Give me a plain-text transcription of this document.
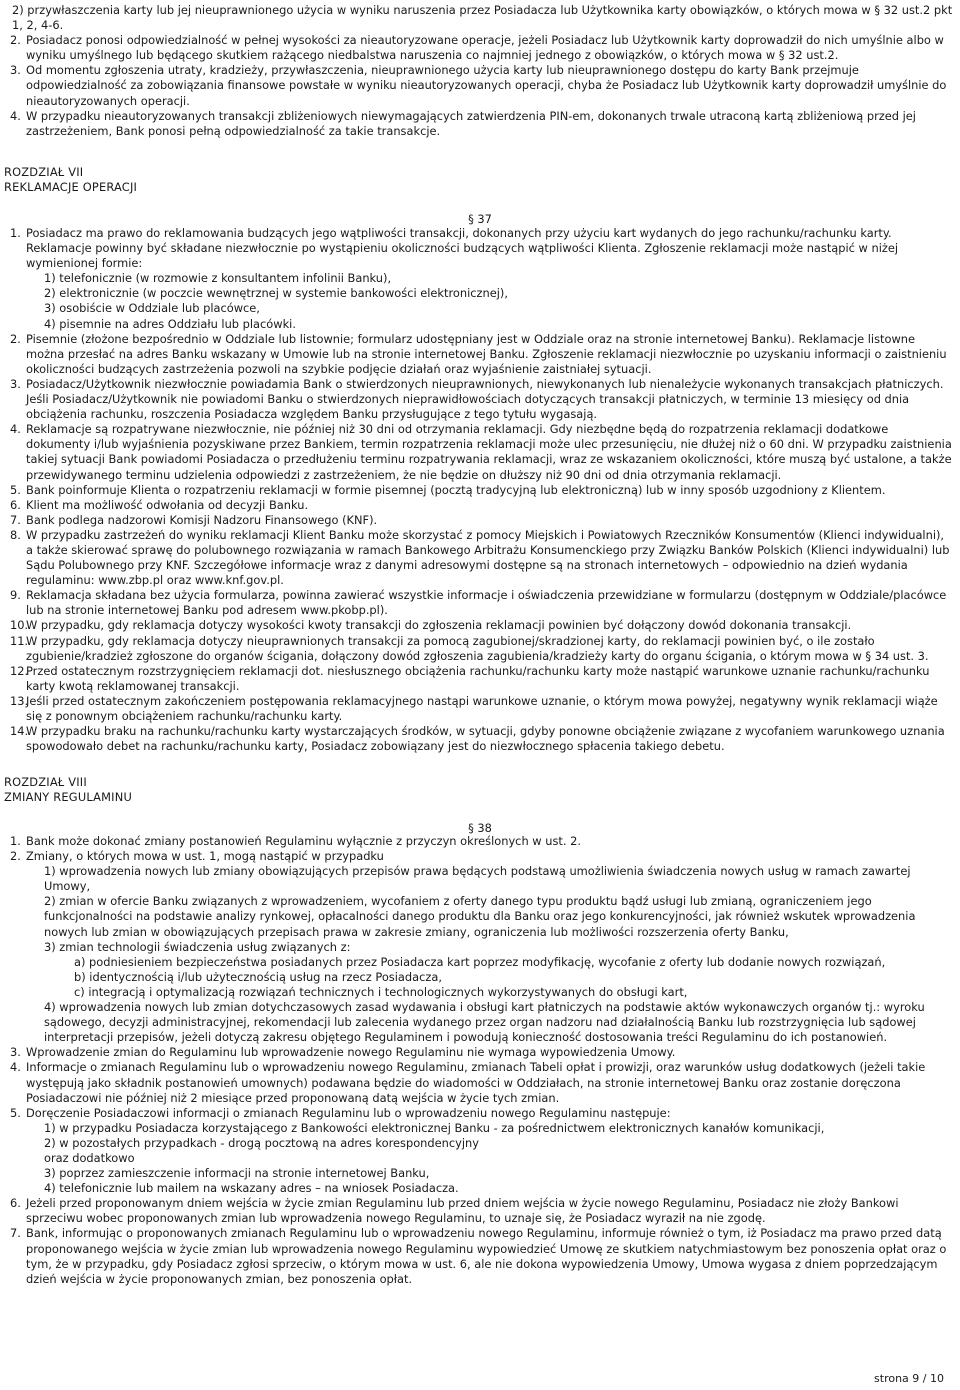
2) przywłaszczenia karty lub jej nieuprawnionego użycia w wyniku naruszenia przez Posiadacza lub Użytkownika karty obowiązków, o których mowa w § 32 ust.2 pkt 1, 2, 4-6.

2. Posiadacz ponosi odpowiedzialność w pełnej wysokości za nieautoryzowane operacje, jeżeli Posiadacz lub Użytkownik karty doprowadził do nich umyślnie albo w wyniku umyślnego lub będącego skutkiem rażącego niedbalstwa naruszenia co najmniej jednego z obowiązków, o których mowa w § 32 ust.2.
3. Od momentu zgłoszenia utraty, kradzieży, przywłaszczenia, nieuprawnionego użycia karty lub nieuprawnionego dostępu do karty Bank przejmuje odpowiedzialność za zobowiązania finansowe powstałe w wyniku nieautoryzowanych operacji, chyba że Posiadacz lub Użytkownik karty doprowadził umyślnie do nieautoryzowanych operacji.
4. W przypadku nieautoryzowanych transakcji zbliżeniowych niewymagających zatwierdzenia PIN-em, dokonanych trwale utraconą kartą zbliżeniową przed jej zastrzeżeniem, Bank ponosi pełną odpowiedzialność za takie transakcje.
ROZDZIAŁ VII
REKLAMACJE OPERACJI
§ 37
1. Posiadacz ma prawo do reklamowania budzących jego wątpliwości transakcji, dokonanych przy użyciu kart wydanych do jego rachunku/rachunku karty. Reklamacje powinny być składane niezwłocznie po wystąpieniu okoliczności budzących wątpliwości Klienta. Zgłoszenie reklamacji może nastąpić w niżej wymienionej formie:
1) telefonicznie (w rozmowie z konsultantem infolinii Banku),
2) elektronicznie (w poczcie wewnętrznej w systemie bankowości elektronicznej),
3) osobiście w Oddziale lub placówce,
4) pisemnie na adres Oddziału lub placówki.
2. Pisemnie (złożone bezpośrednio w Oddziale lub listownie; formularz udostępniany jest w Oddziale oraz na stronie internetowej Banku). Reklamacje listowne można przesłać na adres Banku wskazany w Umowie lub na stronie internetowej Banku. Zgłoszenie reklamacji niezwłocznie po uzyskaniu informacji o zaistnieniu okoliczności budzących zastrzeżenia pozwoli na szybkie podjęcie działań oraz wyjaśnienie zaistniałej sytuacji.
3. Posiadacz/Użytkownik niezwłocznie powiadamia Bank o stwierdzonych nieuprawnionych, niewykonanych lub nienależycie wykonanych transakcjach płatniczych. Jeśli Posiadacz/Użytkownik nie powiadomi Banku o stwierdzonych nieprawidłowościach dotyczących transakcji płatniczych, w terminie 13 miesięcy od dnia obciążenia rachunku, roszczenia Posiadacza względem Banku przysługujące z tego tytułu wygasają.
4. Reklamacje są rozpatrywane niezwłocznie, nie później niż 30 dni od otrzymania reklamacji. Gdy niezbędne będą do rozpatrzenia reklamacji dodatkowe dokumenty i/lub wyjaśnienia pozyskiwane przez Bankiem, termin rozpatrzenia reklamacji może ulec przesunięciu, nie dłużej niż o 60 dni. W przypadku zaistnienia takiej sytuacji Bank powiadomi Posiadacza o przedłużeniu terminu rozpatrywania reklamacji, wraz ze wskazaniem okoliczności, które muszą być ustalone, a także przewidywanego terminu udzielenia odpowiedzi z zastrzeżeniem, że nie będzie on dłuższy niż 90 dni od dnia otrzymania reklamacji.
5. Bank poinformuje Klienta o rozpatrzeniu reklamacji w formie pisemnej (pocztą tradycyjną lub elektroniczną) lub w inny sposób uzgodniony z Klientem.
6. Klient ma możliwość odwołania od decyzji Banku.
7. Bank podlega nadzorowi Komisji Nadzoru Finansowego (KNF).
8. W przypadku zastrzeżeń do wyniku reklamacji Klient Banku może skorzystać z pomocy Miejskich i Powiatowych Rzeczników Konsumentów (Klienci indywidualni), a także skierować sprawę do polubownego rozwiązania w ramach Bankowego Arbitrażu Konsumenckiego przy Związku Banków Polskich (Klienci indywidualni) lub Sądu Polubownego przy KNF. Szczegółowe informacje wraz z danymi adresowymi dostępne są na stronach internetowych – odpowiednio na dzień wydania regulaminu: www.zbp.pl oraz www.knf.gov.pl.
9. Reklamacja składana bez użycia formularza, powinna zawierać wszystkie informacje i oświadczenia przewidziane w formularzu (dostępnym w Oddziale/placówce lub na stronie internetowej Banku pod adresem www.pkobp.pl).
10.
W przypadku, gdy reklamacja dotyczy wysokości kwoty transakcji do zgłoszenia reklamacji powinien być dołączony dowód dokonania transakcji.
11.
W przypadku, gdy reklamacja dotyczy nieuprawnionych transakcji za pomocą zagubionej/skradzionej karty, do reklamacji powinien być, o ile zostało zgubienie/kradzież zgłoszone do organów ścigania, dołączony dowód zgłoszenia zagubienia/kradzieży karty do organu ścigania, o którym mowa w § 34 ust. 3.
12.
Przed ostatecznym rozstrzygnięciem reklamacji dot. niesłusznego obciążenia rachunku/rachunku karty może nastąpić warunkowe uznanie rachunku/rachunku karty kwotą reklamowanej transakcji.
13.
Jeśli przed ostatecznym zakończeniem postępowania reklamacyjnego nastąpi warunkowe uznanie, o którym mowa powyżej, negatywny wynik reklamacji wiąże się z ponownym obciążeniem rachunku/rachunku karty.
14.
W przypadku braku na rachunku/rachunku karty wystarczających środków, w sytuacji, gdyby ponowne obciążenie związane z wycofaniem warunkowego uznania spowodowało debet na rachunku/rachunku karty, Posiadacz zobowiązany jest do niezwłocznego spłacenia takiego debetu.
ROZDZIAŁ VIII
ZMIANY REGULAMINU
§ 38
1. Bank może dokonać zmiany postanowień Regulaminu wyłącznie z przyczyn określonych w ust. 2.
2. Zmiany, o których mowa w ust. 1, mogą nastąpić w przypadku
1) wprowadzenia nowych lub zmiany obowiązujących przepisów prawa będących podstawą umożliwienia świadczenia nowych usług w ramach zawartej Umowy,
2) zmian w ofercie Banku związanych z wprowadzeniem, wycofaniem z oferty danego typu produktu bądź usługi lub zmianą, ograniczeniem jego funkcjonalności na podstawie analizy rynkowej, opłacalności danego produktu dla Banku oraz jego konkurencyjności, jak również wskutek wprowadzenia nowych lub zmian w obowiązujących przepisach prawa w zakresie zmiany, ograniczenia lub możliwości rozszerzenia oferty Banku,
3) zmian technologii świadczenia usług związanych z:
a) podniesieniem bezpieczeństwa posiadanych przez Posiadacza kart poprzez modyfikację, wycofanie z oferty lub dodanie nowych rozwiązań,
b) identycznością i/lub użytecznością usług na rzecz Posiadacza,
c) integracją i optymalizacją rozwiązań technicznych i technologicznych wykorzystywanych do obsługi kart,
4) wprowadzenia nowych lub zmian dotychczasowych zasad wydawania i obsługi kart płatniczych na podstawie aktów wykonawczych organów tj.: wyroku sądowego, decyzji administracyjnej, rekomendacji lub zalecenia wydanego przez organ nadzoru nad działalnością Banku lub rozstrzygnięcia lub sądowej interpretacji przepisów, jeżeli dotyczą zakresu objętego Regulaminem i powodują konieczność dostosowania treści Regulaminu do ich postanowień.
3. Wprowadzenie zmian do Regulaminu lub wprowadzenie nowego Regulaminu nie wymaga wypowiedzenia Umowy.
4. Informacje o zmianach Regulaminu lub o wprowadzeniu nowego Regulaminu, zmianach Tabeli opłat i prowizji, oraz warunków usług dodatkowych (jeżeli takie występują jako składnik postanowień umownych) podawana będzie do wiadomości w Oddziałach, na stronie internetowej Banku oraz zostanie doręczona Posiadaczowi nie później niż 2 miesiące przed proponowaną datą wejścia w życie tych zmian.
5. Doręczenie Posiadaczowi informacji o zmianach Regulaminu lub o wprowadzeniu nowego Regulaminu następuje:
1) w przypadku Posiadacza korzystającego z Bankowości elektronicznej Banku - za pośrednictwem elektronicznych kanałów komunikacji,
2) w pozostałych przypadkach - drogą pocztową na adres korespondencyjny
oraz dodatkowo
3) poprzez zamieszczenie informacji na stronie internetowej Banku,
4) telefonicznie lub mailem na wskazany adres – na wniosek Posiadacza.
6. Jeżeli przed proponowanym dniem wejścia w życie zmian Regulaminu lub przed dniem wejścia w życie nowego Regulaminu, Posiadacz nie złoży Bankowi sprzeciwu wobec proponowanych zmian lub wprowadzenia nowego Regulaminu, to uznaje się, że Posiadacz wyraził na nie zgodę.
7. Bank, informując o proponowanych zmianach Regulaminu lub o wprowadzeniu nowego Regulaminu, informuje również o tym, iż Posiadacz ma prawo przed datą proponowanego wejścia w życie zmian lub wprowadzenia nowego Regulaminu wypowiedzieć Umowę ze skutkiem natychmiastowym bez ponoszenia opłat oraz o tym, że w przypadku, gdy Posiadacz zgłosi sprzeciw, o którym mowa w ust. 6, ale nie dokona wypowiedzenia Umowy, Umowa wygasa z dniem poprzedzającym dzień wejścia w życie proponowanych zmian, bez ponoszenia opłat.
strona 9 / 10
